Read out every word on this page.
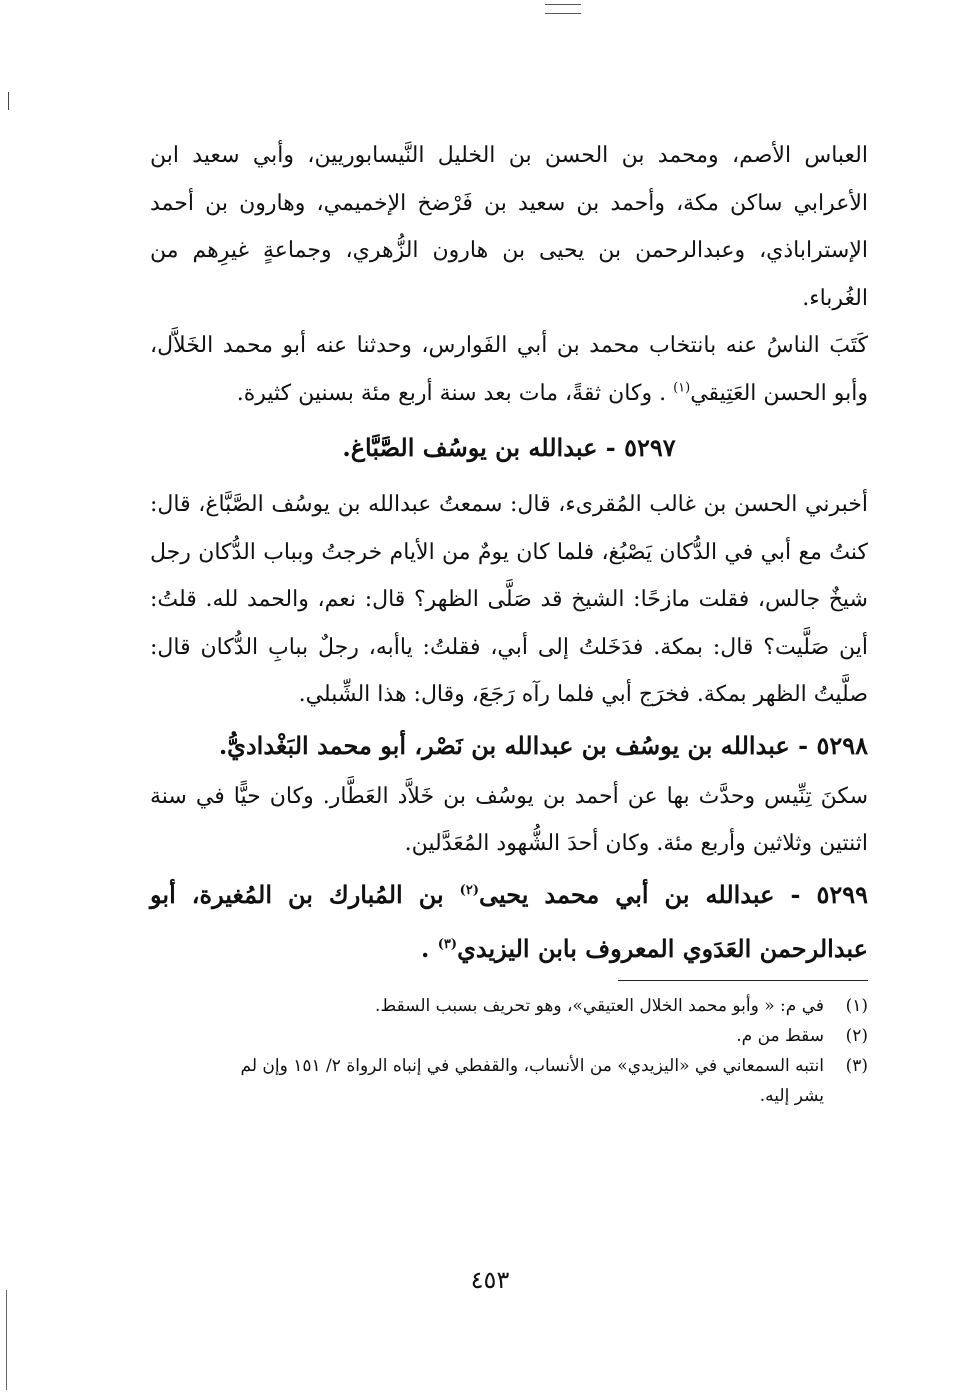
العباس الأصم، ومحمد بن الحسن بن الخليل النَّيسابوريين، وأبي سعيد ابن الأعرابي ساكن مكة، وأحمد بن سعيد بن فَرْضخ الإخميمي، وهارون بن أحمد الإستراباذي، وعبدالرحمن بن يحيى بن هارون الزُّهري، وجماعةٍ غيرِهم من الغُرباء.

كَتَبَ الناسُ عنه بانتخاب محمد بن أبي الفَوارس، وحدثنا عنه أبو محمد الخَلاَّل، وأبو الحسن العَتِيقي$^{(١)}$ . وكان ثقةً، مات بعد سنة أربع مئة بسنين كثيرة.

٥٢٩٧ - عبدالله بن يوسُف الصَّبَّاغ.

أخبرني الحسن بن غالب المُقرىء، قال: سمعتُ عبدالله بن يوسُف الصَّبَّاغ، قال: كنتُ مع أبي في الدُّكان يَصْبُغ، فلما كان يومٌ من الأيام خرجتُ وبباب الدُّكان رجل شيخٌ جالس، فقلت مازحًا: الشيخ قد صَلَّى الظهر؟ قال: نعم، والحمد لله. قلتُ: أين صَلَّيت؟ قال: بمكة. فدَخَلتُ إلى أبي، فقلتُ: ياأبه، رجلٌ ببابِ الدُّكان قال: صلَّيتُ الظهر بمكة. فخرَج أبي فلما رآه رَجَعَ، وقال: هذا الشِّبلي.

٥٢٩٨ - عبدالله بن يوسُف بن عبدالله بن نَصْر، أبو محمد البَغْداديُّ.

سكنَ تِنِّيس وحدَّث بها عن أحمد بن يوسُف بن خَلاَّد العَطَّار. وكان حيًّا في سنة اثنتين وثلاثين وأربع مئة. وكان أحدَ الشُّهود المُعَدَّلين.

٥٢٩٩ - عبدالله بن أبي محمد يحيى$^{(٢)}$ بن المُبارك بن المُغيرة، أبو عبدالرحمن العَدَوي المعروف بابن اليزيدي$^{(٣)}$ .

(١)في م: « وأبو محمد الخلال العتيقي»، وهو تحريف بسبب السقط.

(٢)سقط من م.

(٣)انتبه السمعاني في «اليزيدي» من الأنساب، والقفطي في إنباه الرواة ٢/ ١٥١ وإن لم

يشر إليه.

٤٥٣
